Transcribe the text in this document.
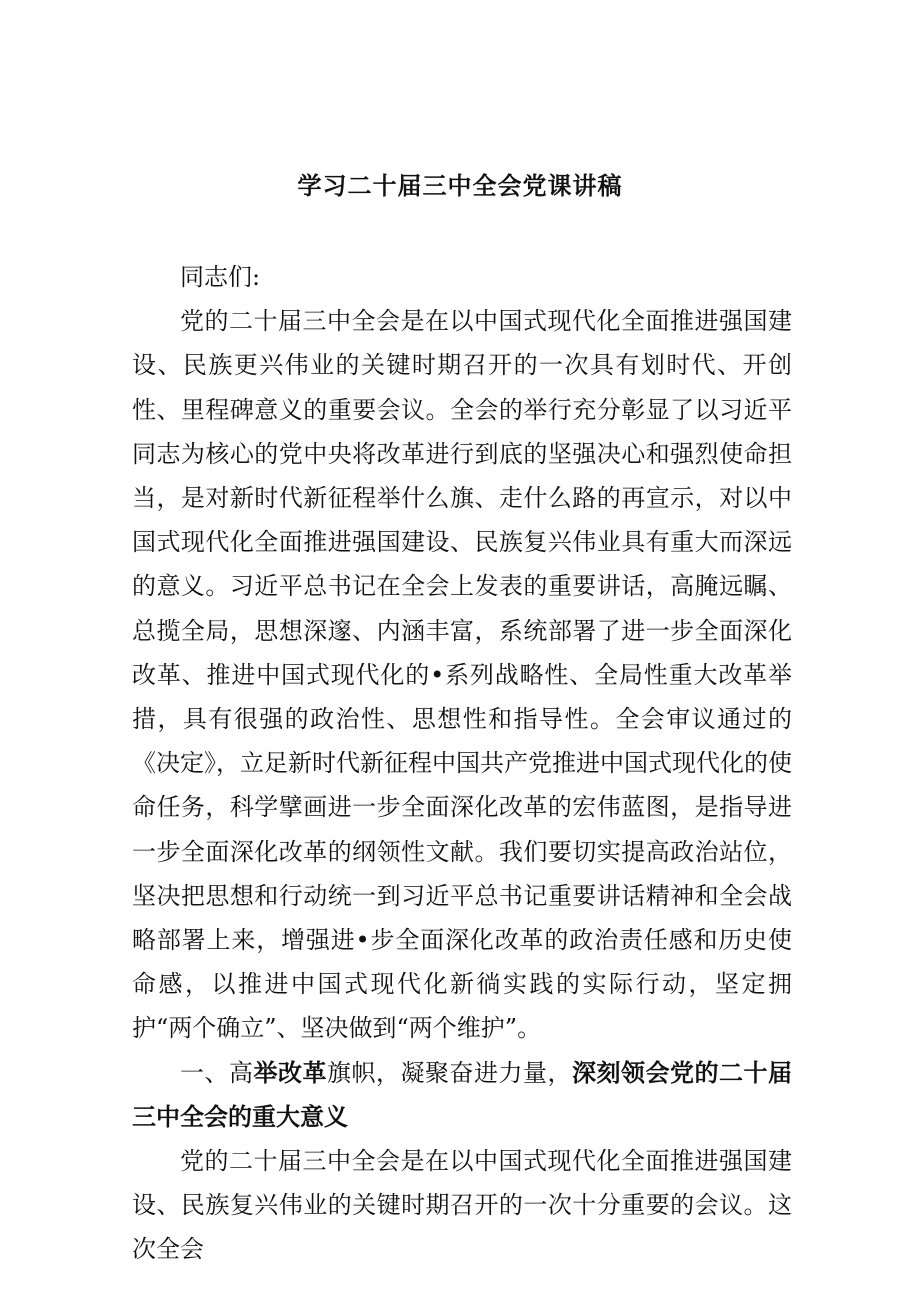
学习二十届三中全会党课讲稿

同志们:

党的二十届三中全会是在以中国式现代化全面推进强国建设、民族更兴伟业的关键时期召开的一次具有划时代、开创性、里程碑意义的重要会议。全会的举行充分彰显了以习近平同志为核心的党中央将改革进行到底的坚强决心和强烈使命担当，是对新时代新征程举什么旗、走什么路的再宣示，对以中国式现代化全面推进强国建设、民族复兴伟业具有重大而深远的意义。习近平总书记在全会上发表的重要讲话，高腌远瞩、总揽全局，思想深邃、内涵丰富，系统部署了进一步全面深化改革、推进中国式现代化的•系列战略性、全局性重大改革举措，具有很强的政治性、思想性和指导性。全会审议通过的《决定》，立足新时代新征程中国共产党推进中国式现代化的使命任务，科学擘画进一步全面深化改革的宏伟蓝图，是指导进一步全面深化改革的纲领性文献。我们要切实提高政治站位，坚决把思想和行动统一到习近平总书记重要讲话精神和全会战略部署上来，增强进•步全面深化改革的政治责任感和历史使命感，以推进中国式现代化新徜实践的实际行动，坚定拥护“两个确立”、坚决做到“两个维护”。

一、高举改革旗帜，凝聚奋进力量，深刻领会党的二十届三中全会的重大意义

党的二十届三中全会是在以中国式现代化全面推进强国建设、民族复兴伟业的关键时期召开的一次十分重要的会议。这次全会
